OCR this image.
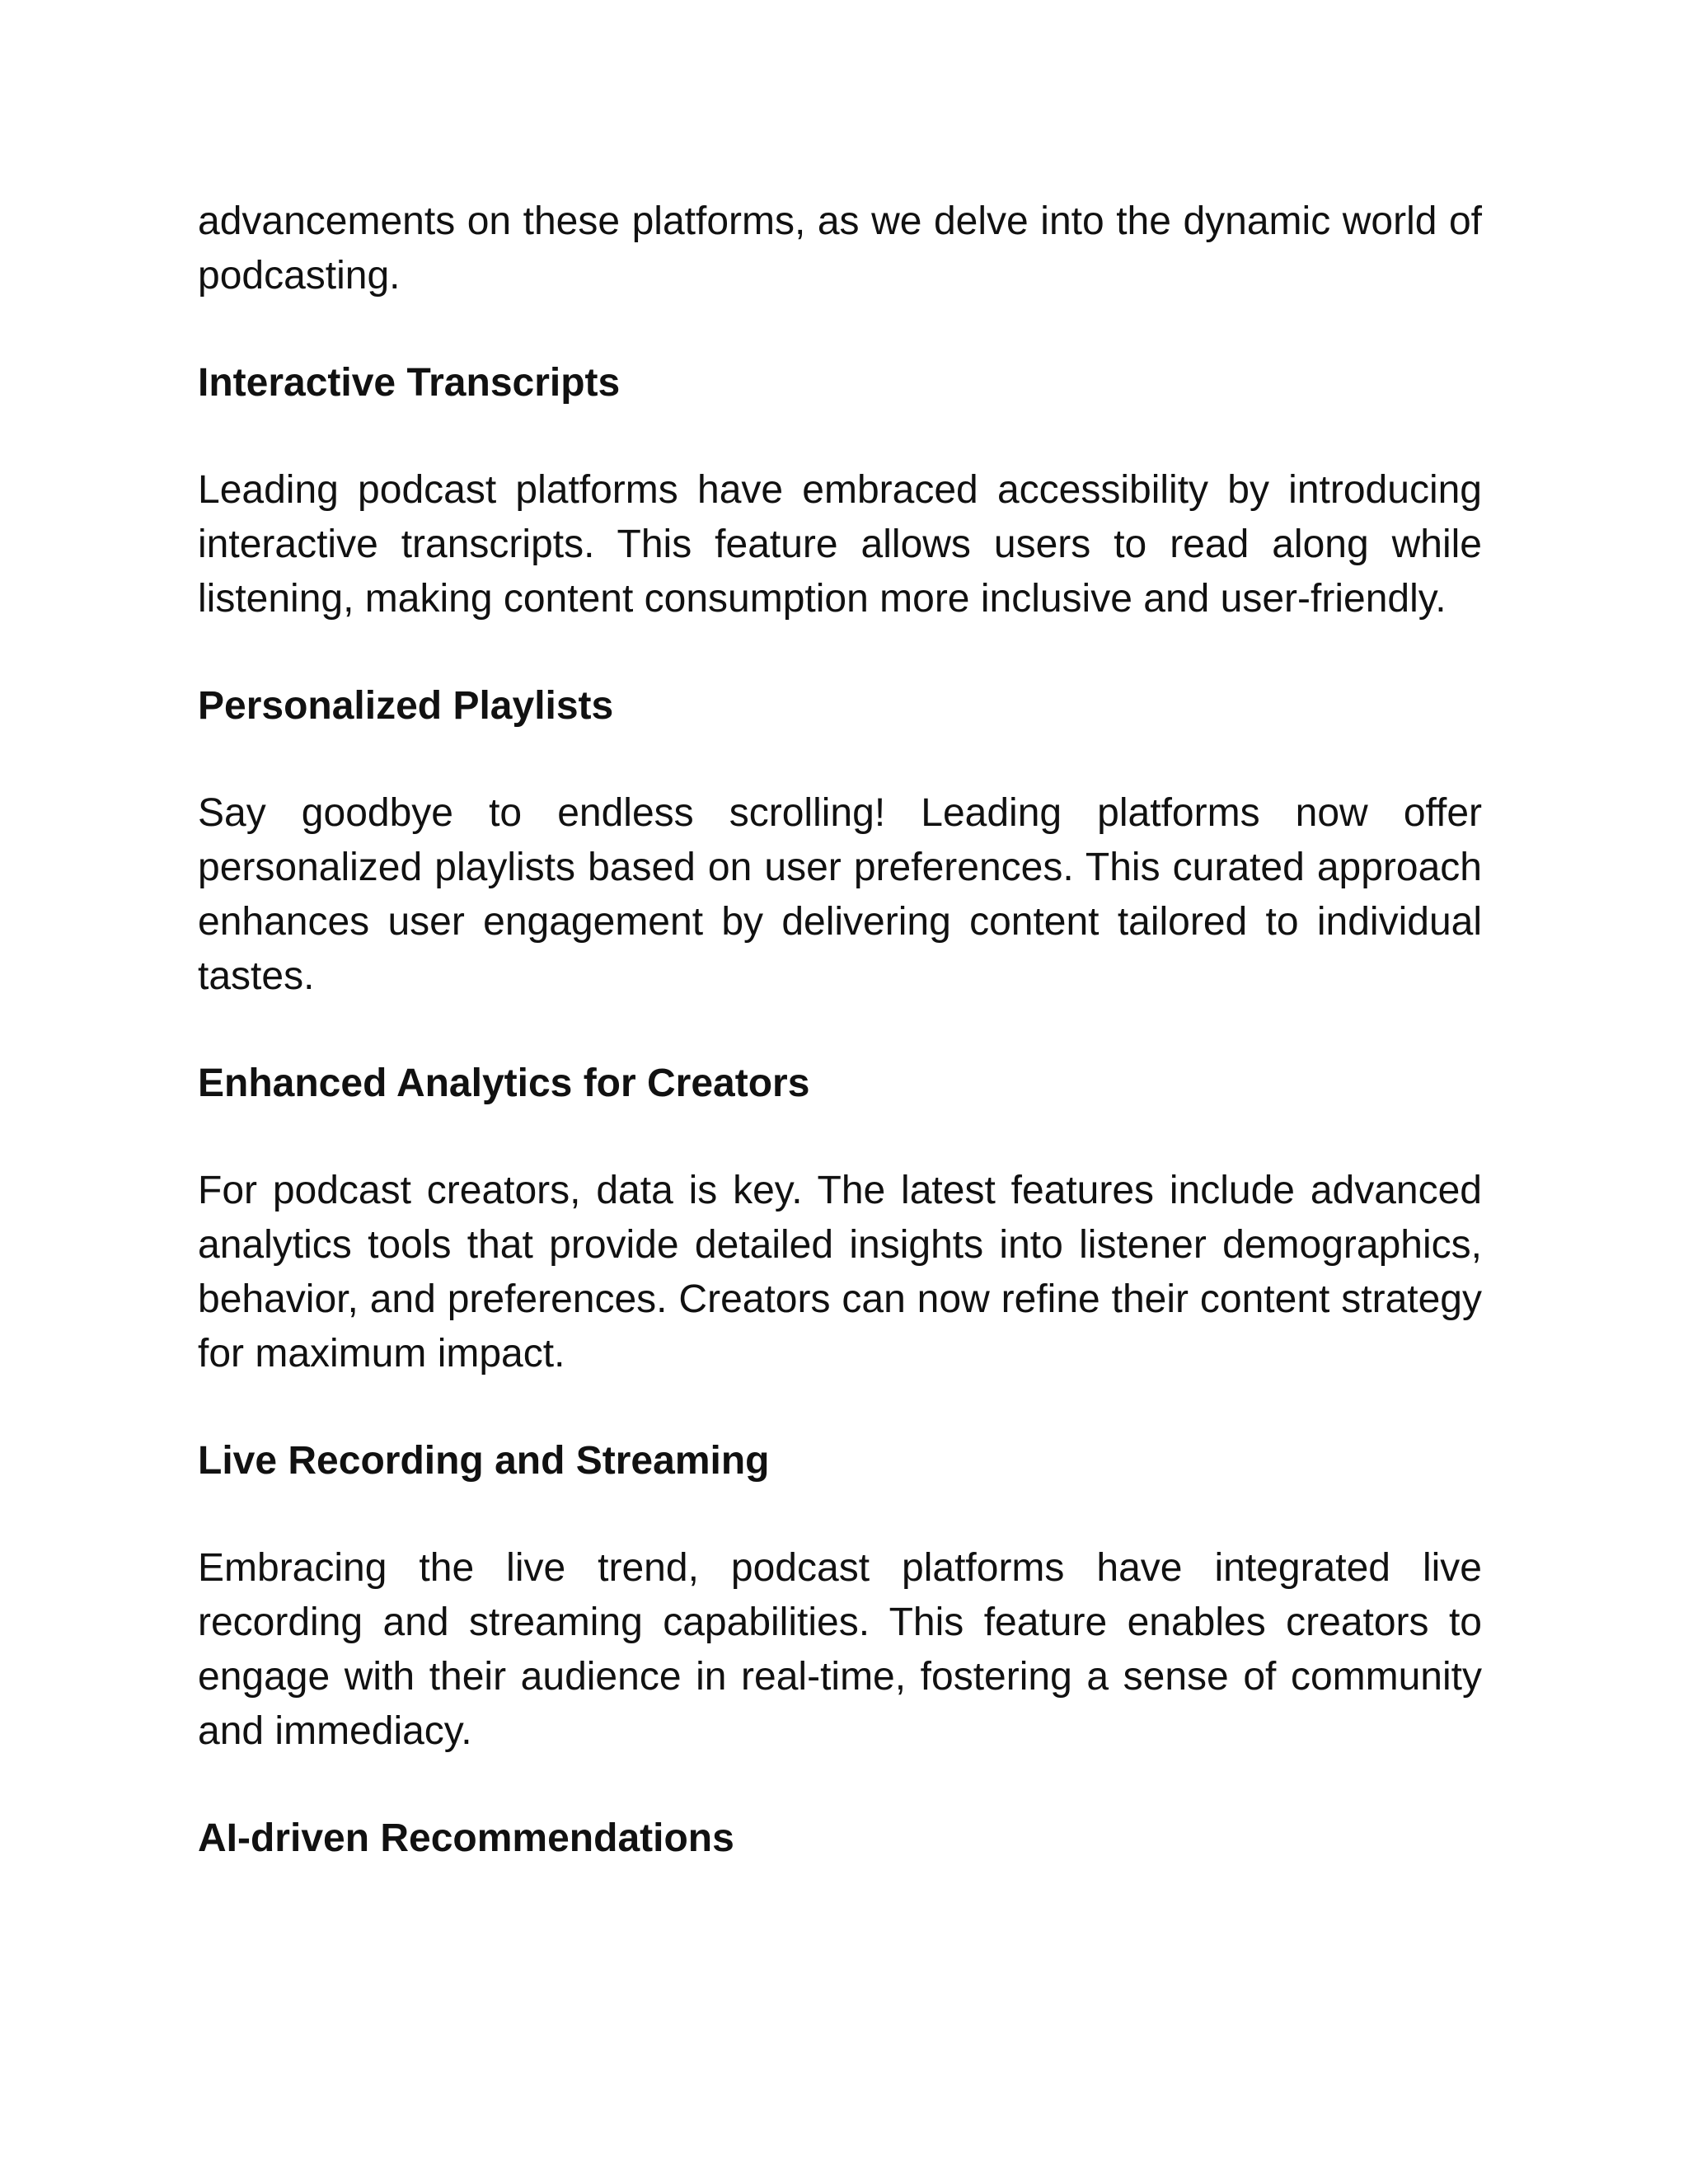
advancements on these platforms, as we delve into the dynamic world of podcasting.

Interactive Transcripts

Leading podcast platforms have embraced accessibility by introducing interactive transcripts. This feature allows users to read along while listening, making content consumption more inclusive and user-friendly.

Personalized Playlists

Say goodbye to endless scrolling! Leading platforms now offer personalized playlists based on user preferences. This curated approach enhances user engagement by delivering content tailored to individual tastes.

Enhanced Analytics for Creators

For podcast creators, data is key. The latest features include advanced analytics tools that provide detailed insights into listener demographics, behavior, and preferences. Creators can now refine their content strategy for maximum impact.

Live Recording and Streaming

Embracing the live trend, podcast platforms have integrated live recording and streaming capabilities. This feature enables creators to engage with their audience in real-time, fostering a sense of community and immediacy.

AI-driven Recommendations
